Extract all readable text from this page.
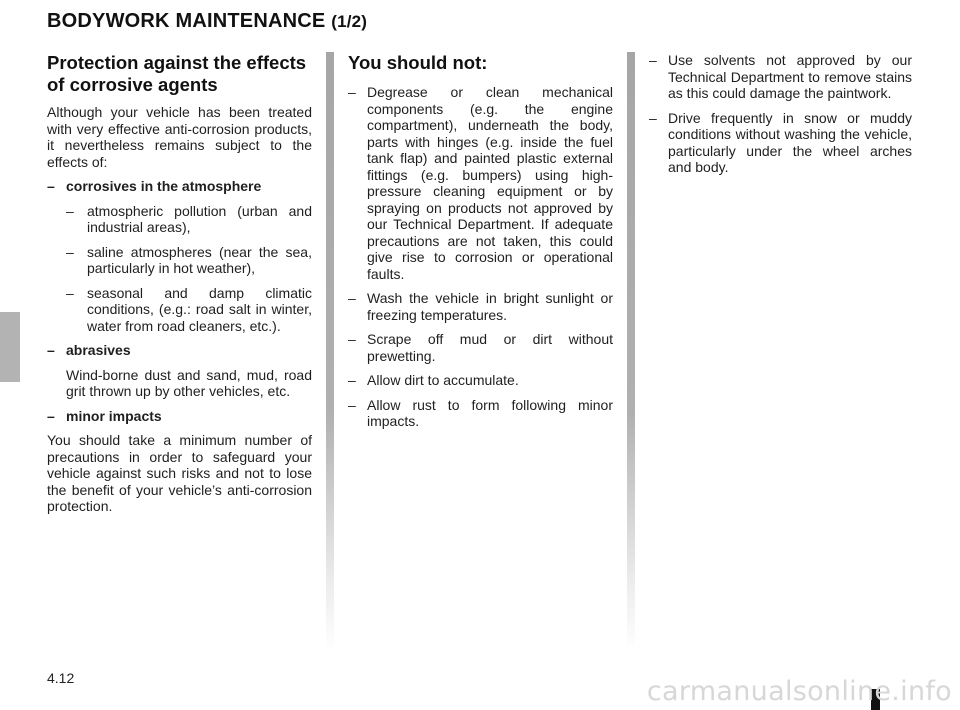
BODYWORK MAINTENANCE (1/2)
Protection against the effects of corrosive agents

Although your vehicle has been treated with very effective anti-corrosion products, it nevertheless remains subject to the effects of:

– corrosives in the atmosphere
– atmospheric pollution (urban and industrial areas),
– saline atmospheres (near the sea, particularly in hot weather),
– seasonal and damp climatic conditions, (e.g.: road salt in winter, water from road cleaners, etc.).
– abrasives
Wind-borne dust and sand, mud, road grit thrown up by other vehicles, etc.
– minor impacts

You should take a minimum number of precautions in order to safeguard your vehicle against such risks and not to lose the benefit of your vehicle’s anti-corrosion protection.

You should not:
– Degrease or clean mechanical components (e.g. the engine compartment), underneath the body, parts with hinges (e.g. inside the fuel tank flap) and painted plastic external fittings (e.g. bumpers) using high-pressure cleaning equipment or by spraying on products not approved by our Technical Department. If adequate precautions are not taken, this could give rise to corrosion or operational faults.
– Wash the vehicle in bright sunlight or freezing temperatures.
– Scrape off mud or dirt without prewetting.
– Allow dirt to accumulate.
– Allow rust to form following minor impacts.
– Use solvents not approved by our Technical Department to remove stains as this could damage the paintwork.
– Drive frequently in snow or muddy conditions without washing the vehicle, particularly under the wheel arches and body.
4.12	carmanualsonline.info
